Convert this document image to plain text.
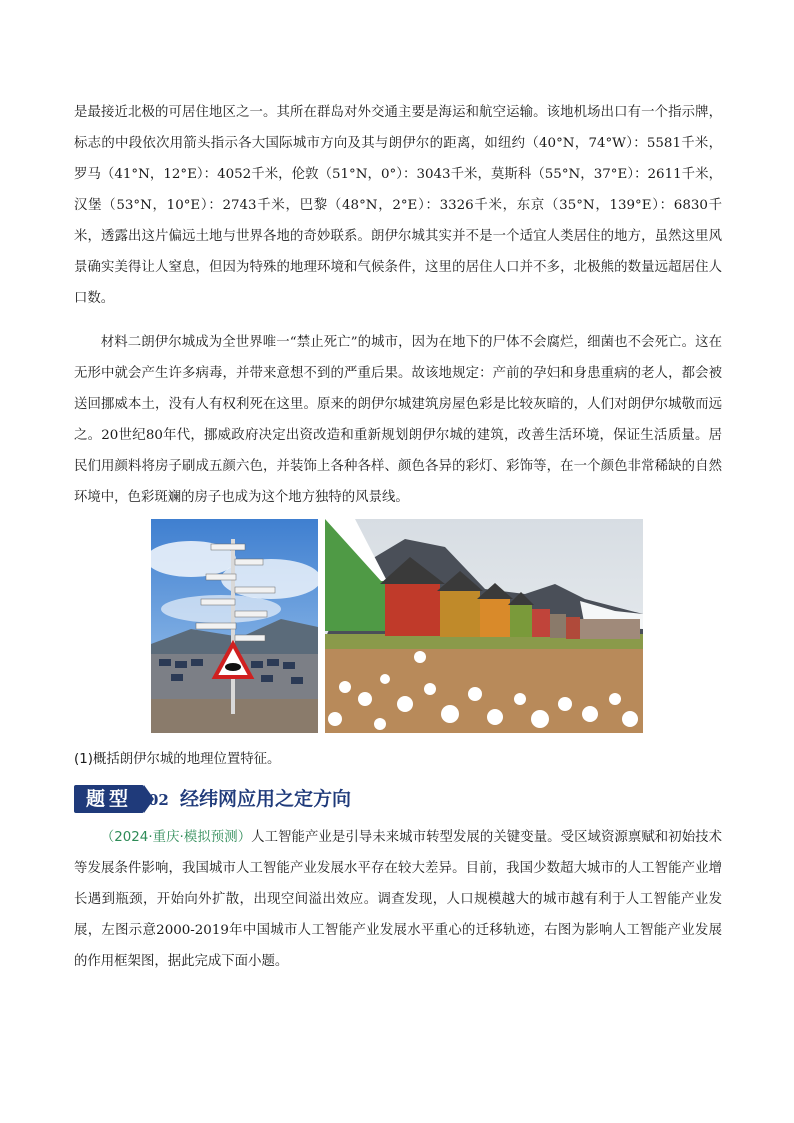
是最接近北极的可居住地区之一。其所在群岛对外交通主要是海运和航空运输。该地机场出口有一个指示牌，标志的中段依次用箭头指示各大国际城市方向及其与朗伊尔的距离，如纽约（40°N，74°W）：5581千米，罗马（41°N，12°E）：4052千米，伦敦（51°N，0°）：3043千米，莫斯科（55°N，37°E）：2611千米，汉堡（53°N，10°E）：2743千米，巴黎（48°N，2°E）：3326千米，东京（35°N，139°E）：6830千米，透露出这片偏远土地与世界各地的奇妙联系。朗伊尔城其实并不是一个适宜人类居住的地方，虽然这里风景确实美得让人窒息，但因为特殊的地理环境和气候条件，这里的居住人口并不多，北极熊的数量远超居住人口数。

材料二朗伊尔城成为全世界唯一“禁止死亡”的城市，因为在地下的尸体不会腐烂，细菌也不会死亡。这在无形中就会产生许多病毒，并带来意想不到的严重后果。故该地规定：产前的孕妇和身患重病的老人，都会被送回挪威本土，没有人有权利死在这里。原来的朗伊尔城建筑房屋色彩是比较灰暗的，人们对朗伊尔城敬而远之。20世纪80年代，挪威政府决定出资改造和重新规划朗伊尔城的建筑，改善生活环境，保证生活质量。居民们用颜料将房子刷成五颜六色，并装饰上各种各样、颜色各异的彩灯、彩饰等，在一个颜色非常稀缺的自然环境中，色彩斑斓的房子也成为这个地方独特的风景线。

(1)概括朗伊尔城的地理位置特征。

题型	02 经纬网应用之定方向

（2024·重庆·模拟预测）人工智能产业是引导未来城市转型发展的关键变量。受区域资源禀赋和初始技术等发展条件影响，我国城市人工智能产业发展水平存在较大差异。目前，我国少数超大城市的人工智能产业增长遇到瓶颈，开始向外扩散，出现空间溢出效应。调查发现，人口规模越大的城市越有利于人工智能产业发展，左图示意2000-2019年中国城市人工智能产业发展水平重心的迁移轨迹，右图为影响人工智能产业发展的作用框架图，据此完成下面小题。
